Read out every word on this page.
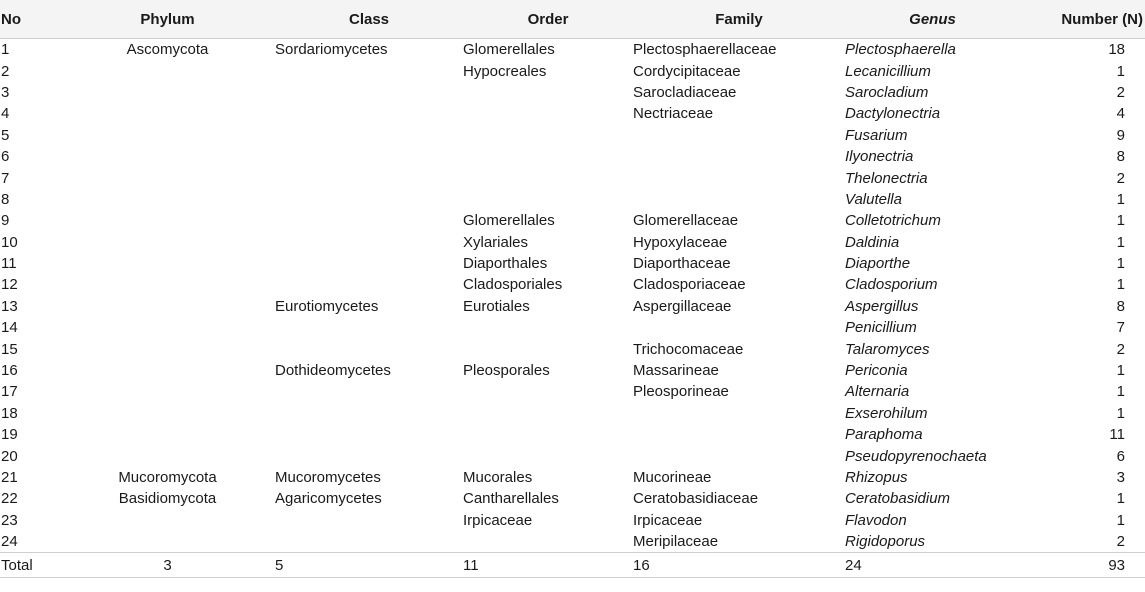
No	Phylum	Class	Order	Family	Genus	Number (N)
1	Ascomycota	Sordariomycetes	Glomerellales	Plectosphaerellaceae	Plectosphaerella	18
2			Hypocreales	Cordycipitaceae	Lecanicillium	1
3				Sarocladiaceae	Sarocladium	2
4				Nectriaceae	Dactylonectria	4
5					Fusarium	9
6					Ilyonectria	8
7					Thelonectria	2
8					Valutella	1
9			Glomerellales	Glomerellaceae	Colletotrichum	1
10			Xylariales	Hypoxylaceae	Daldinia	1
11			Diaporthales	Diaporthaceae	Diaporthe	1
12			Cladosporiales	Cladosporiaceae	Cladosporium	1
13		Eurotiomycetes	Eurotiales	Aspergillaceae	Aspergillus	8
14					Penicillium	7
15				Trichocomaceae	Talaromyces	2
16		Dothideomycetes	Pleosporales	Massarineae	Periconia	1
17				Pleosporineae	Alternaria	1
18					Exserohilum	1
19					Paraphoma	11
20					Pseudopyrenochaeta	6
21	Mucoromycota	Mucoromycetes	Mucorales	Mucorineae	Rhizopus	3
22	Basidiomycota	Agaricomycetes	Cantharellales	Ceratobasidiaceae	Ceratobasidium	1
23			Irpicaceae	Irpicaceae	Flavodon	1
24				Meripilaceae	Rigidoporus	2
Total	3	5	11	16	24	93
